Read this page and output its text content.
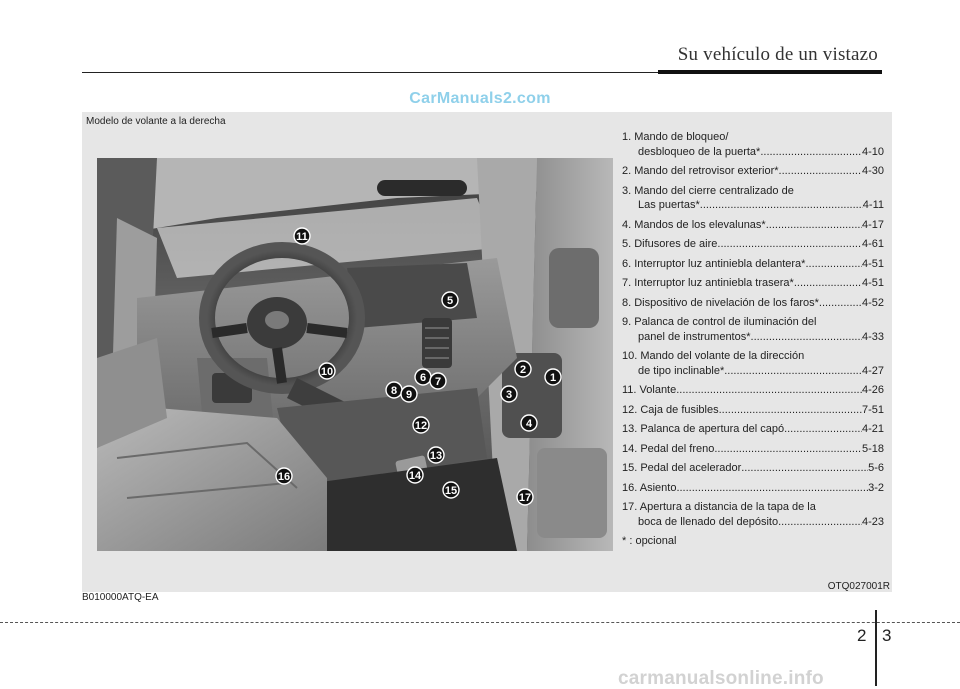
Su vehículo de un vistazo
CarManuals2.com
Modelo de volante a la derecha
11
5
2
1
3
4
10
8 9
6 7
12
13
14
15
16
17
1. Mando de bloqueo/
desbloqueo de la puerta* .....	4-10
2. Mando del retrovisor exterior* .....	4-30
3. Mando del cierre centralizado de
Las puertas* .....	4-11
4. Mandos de los elevalunas* .....	4-17
5. Difusores de aire .....	4-61
6. Interruptor luz antiniebla delantera* .....	4-51
7. Interruptor luz antiniebla trasera* .....	4-51
8. Dispositivo de nivelación de los faros* .....	4-52
9. Palanca de control de iluminación del
panel de instrumentos* .....	4-33
10. Mando del volante de la dirección
de tipo inclinable* .....	4-27
11. Volante .....	4-26
12. Caja de fusibles .....	7-51
13. Palanca de apertura del capó .....	4-21
14. Pedal del freno .....	5-18
15. Pedal del acelerador .....	5-6
16. Asiento .....	3-2
17. Apertura a distancia de la tapa de la
boca de llenado del depósito .....	4-23
* : opcional
OTQ027001R
B010000ATQ-EA
2 3
carmanualsonline.info
